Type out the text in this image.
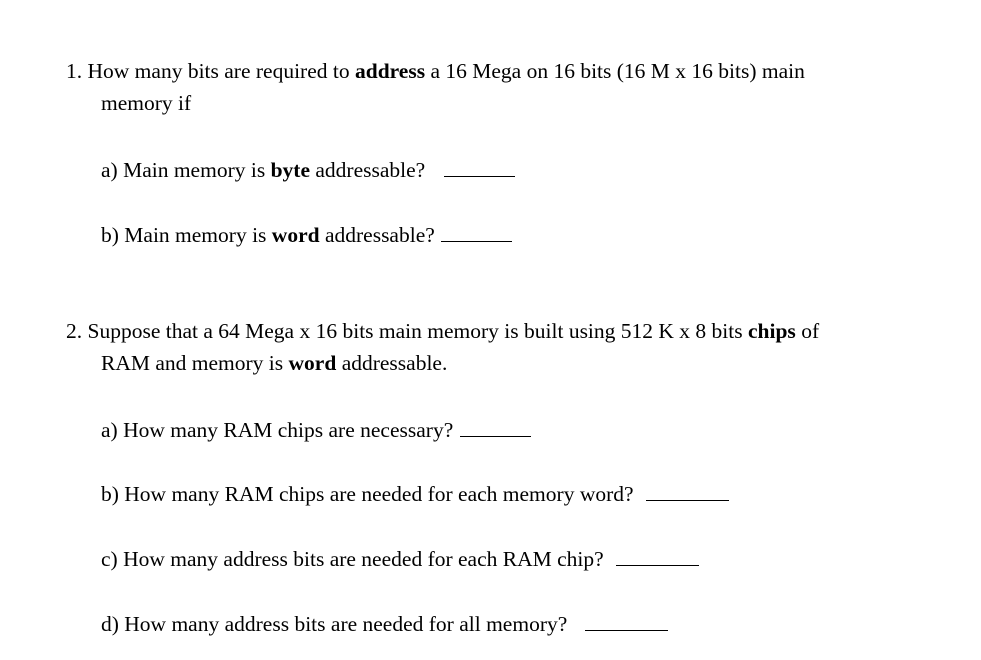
1. How many bits are required to address a 16 Mega on 16 bits (16 M x 16 bits) main
memory if
a) Main memory is byte addressable?
b) Main memory is word addressable?
2. Suppose that a 64 Mega x 16 bits main memory is built using 512 K x 8 bits chips of
RAM and memory is word addressable.
a) How many RAM chips are necessary?
b) How many RAM chips are needed for each memory word?
c) How many address bits are needed for each RAM chip?
d) How many address bits are needed for all memory?
